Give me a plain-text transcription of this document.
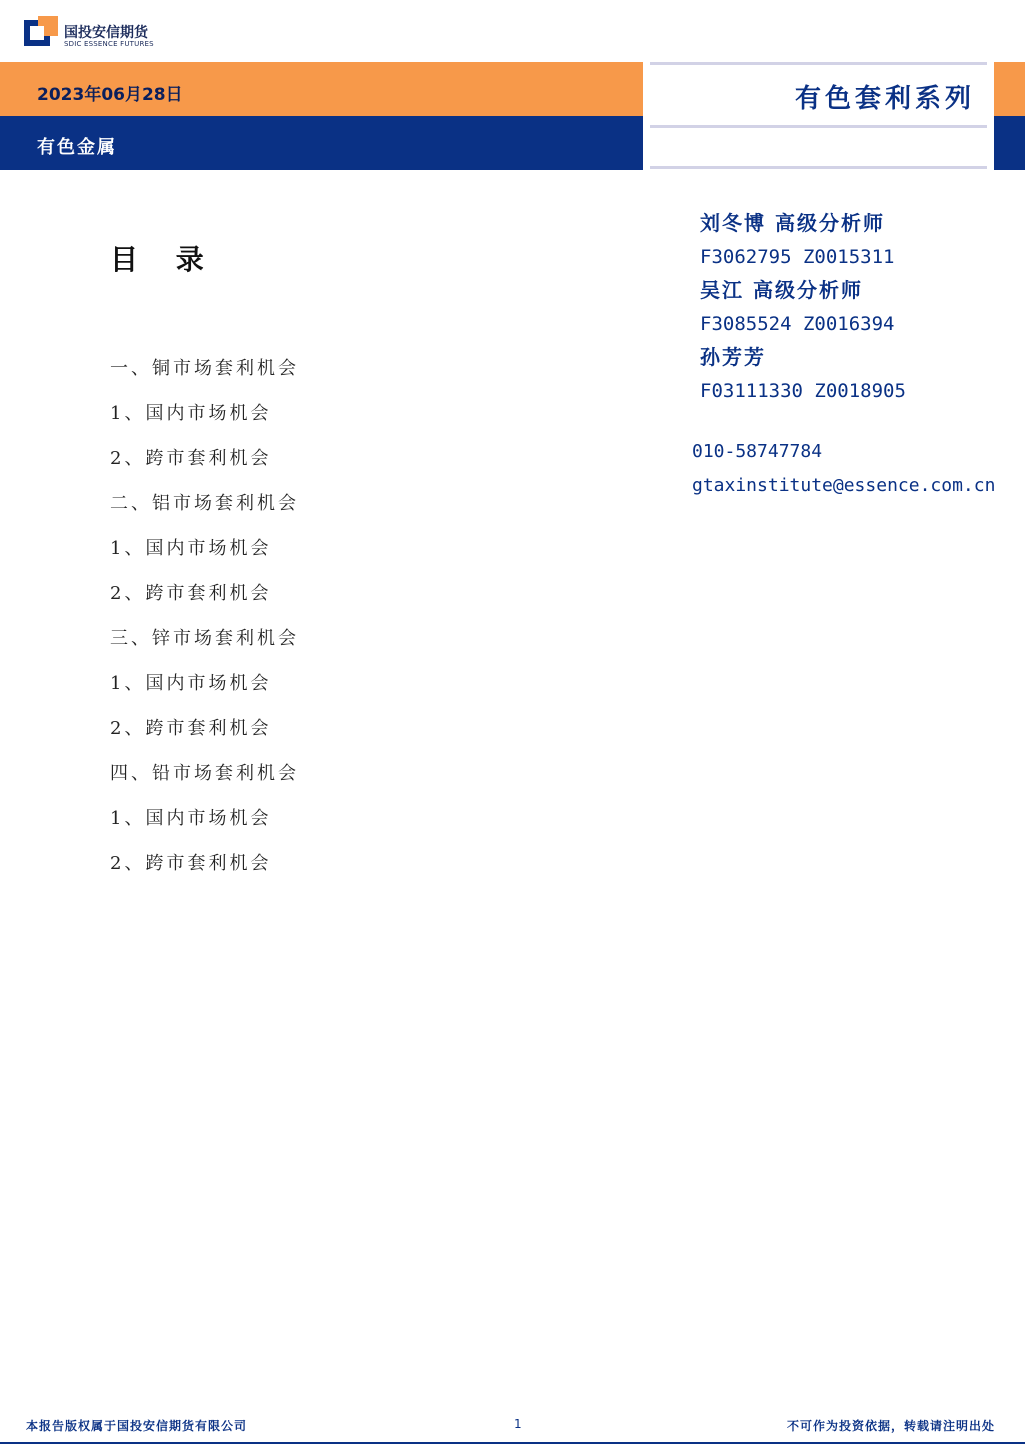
国投安信期货
SDIC ESSENCE FUTURES
2023年06月28日
有色金属
有色套利系列
目 录
一、铜市场套利机会
1、国内市场机会
2、跨市套利机会
二、铝市场套利机会
1、国内市场机会
2、跨市套利机会
三、锌市场套利机会
1、国内市场机会
2、跨市套利机会
四、铅市场套利机会
1、国内市场机会
2、跨市套利机会
刘冬博 高级分析师
F3062795 Z0015311
吴江 高级分析师
F3085524 Z0016394
孙芳芳
F03111330 Z0018905
010-58747784
gtaxinstitute@essence.com.cn
本报告版权属于国投安信期货有限公司	1	不可作为投资依据，转载请注明出处
